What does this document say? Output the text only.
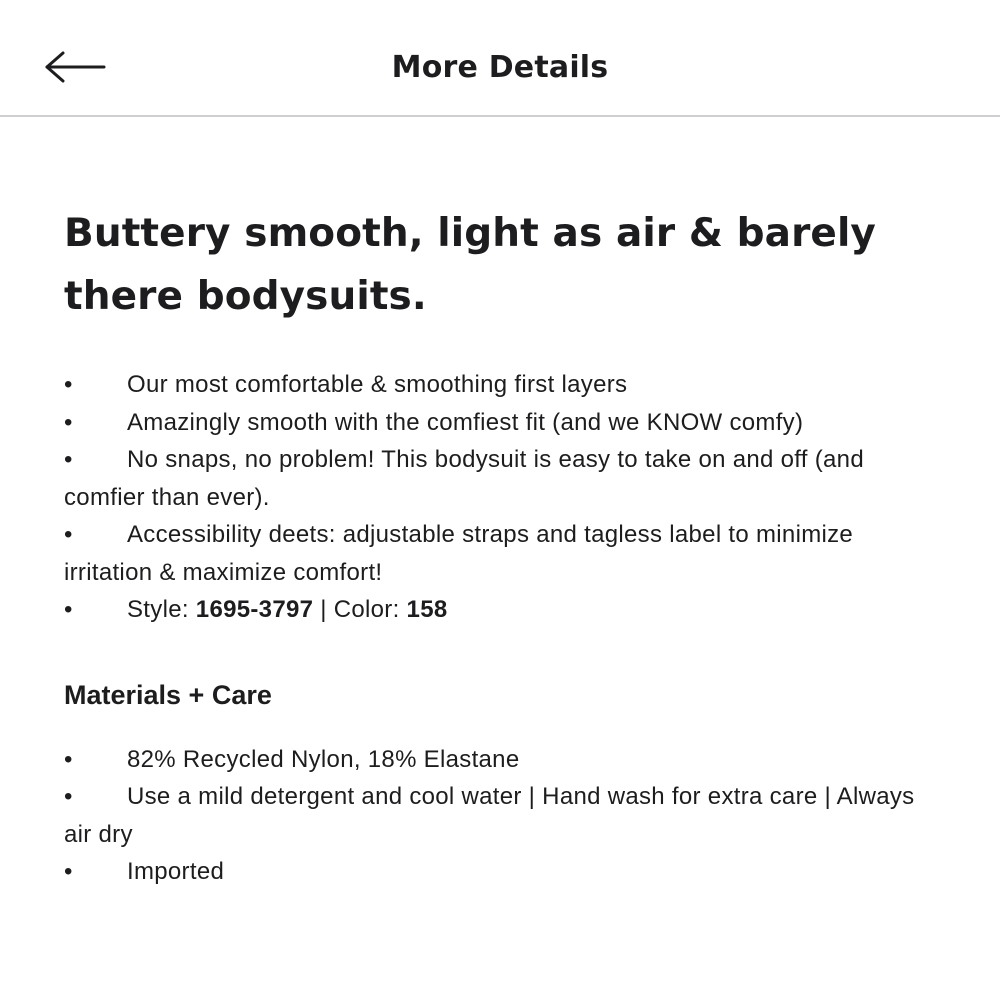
More Details
Buttery smooth, light as air & barely there bodysuits.
• Our most comfortable & smoothing first layers
• Amazingly smooth with the comfiest fit (and we KNOW comfy)
• No snaps, no problem! This bodysuit is easy to take on and off (and comfier than ever).
• Accessibility deets: adjustable straps and tagless label to minimize irritation & maximize comfort!
• Style: 1695-3797 | Color: 158
Materials + Care
• 82% Recycled Nylon, 18% Elastane
• Use a mild detergent and cool water | Hand wash for extra care | Always air dry
• Imported
